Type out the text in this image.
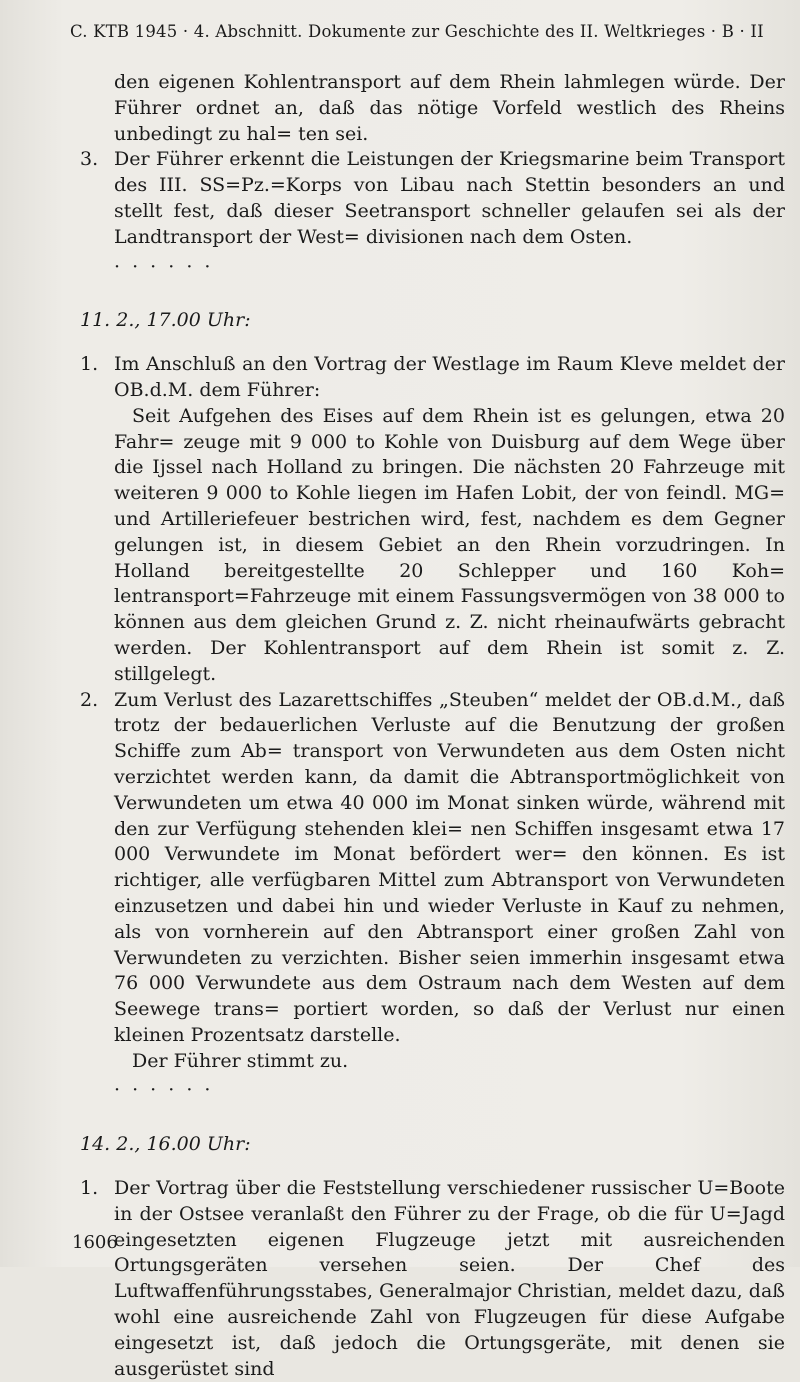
C. KTB 1945 · 4. Abschnitt. Dokumente zur Geschichte des II. Weltkrieges · B · II

den eigenen Kohlentransport auf dem Rhein lahmlegen würde. Der Führer ordnet an, daß das nötige Vorfeld westlich des Rheins unbedingt zu hal= ten sei.

3. Der Führer erkennt die Leistungen der Kriegsmarine beim Transport des III. SS=Pz.=Korps von Libau nach Stettin besonders an und stellt fest, daß dieser Seetransport schneller gelaufen sei als der Landtransport der West= divisionen nach dem Osten.
· · · · · ·
11. 2., 17.00 Uhr:
1. Im Anschluß an den Vortrag der Westlage im Raum Kleve meldet der OB.d.M. dem Führer:

Seit Aufgehen des Eises auf dem Rhein ist es gelungen, etwa 20 Fahr= zeuge mit 9 000 to Kohle von Duisburg auf dem Wege über die Ijssel nach Holland zu bringen. Die nächsten 20 Fahrzeuge mit weiteren 9 000 to Kohle liegen im Hafen Lobit, der von feindl. MG= und Artilleriefeuer bestrichen wird, fest, nachdem es dem Gegner gelungen ist, in diesem Gebiet an den Rhein vorzudringen. In Holland bereitgestellte 20 Schlepper und 160 Koh= lentransport=Fahrzeuge mit einem Fassungsvermögen von 38 000 to können aus dem gleichen Grund z. Z. nicht rheinaufwärts gebracht werden. Der Kohlentransport auf dem Rhein ist somit z. Z. stillgelegt.

2. Zum Verlust des Lazarettschiffes „Steuben“ meldet der OB.d.M., daß trotz der bedauerlichen Verluste auf die Benutzung der großen Schiffe zum Ab= transport von Verwundeten aus dem Osten nicht verzichtet werden kann, da damit die Abtransportmöglichkeit von Verwundeten um etwa 40 000 im Monat sinken würde, während mit den zur Verfügung stehenden klei= nen Schiffen insgesamt etwa 17 000 Verwundete im Monat befördert wer= den können. Es ist richtiger, alle verfügbaren Mittel zum Abtransport von Verwundeten einzusetzen und dabei hin und wieder Verluste in Kauf zu nehmen, als von vornherein auf den Abtransport einer großen Zahl von Verwundeten zu verzichten. Bisher seien immerhin insgesamt etwa 76 000 Verwundete aus dem Ostraum nach dem Westen auf dem Seewege trans= portiert worden, so daß der Verlust nur einen kleinen Prozentsatz darstelle.

Der Führer stimmt zu.

· · · · · ·
14. 2., 16.00 Uhr:
1. Der Vortrag über die Feststellung verschiedener russischer U=Boote in der Ostsee veranlaßt den Führer zu der Frage, ob die für U=Jagd eingesetzten eigenen Flugzeuge jetzt mit ausreichenden Ortungsgeräten versehen seien. Der Chef des Luftwaffenführungsstabes, Generalmajor Christian, meldet dazu, daß wohl eine ausreichende Zahl von Flugzeugen für diese Aufgabe eingesetzt ist, daß jedoch die Ortungsgeräte, mit denen sie ausgerüstet sind
1606
